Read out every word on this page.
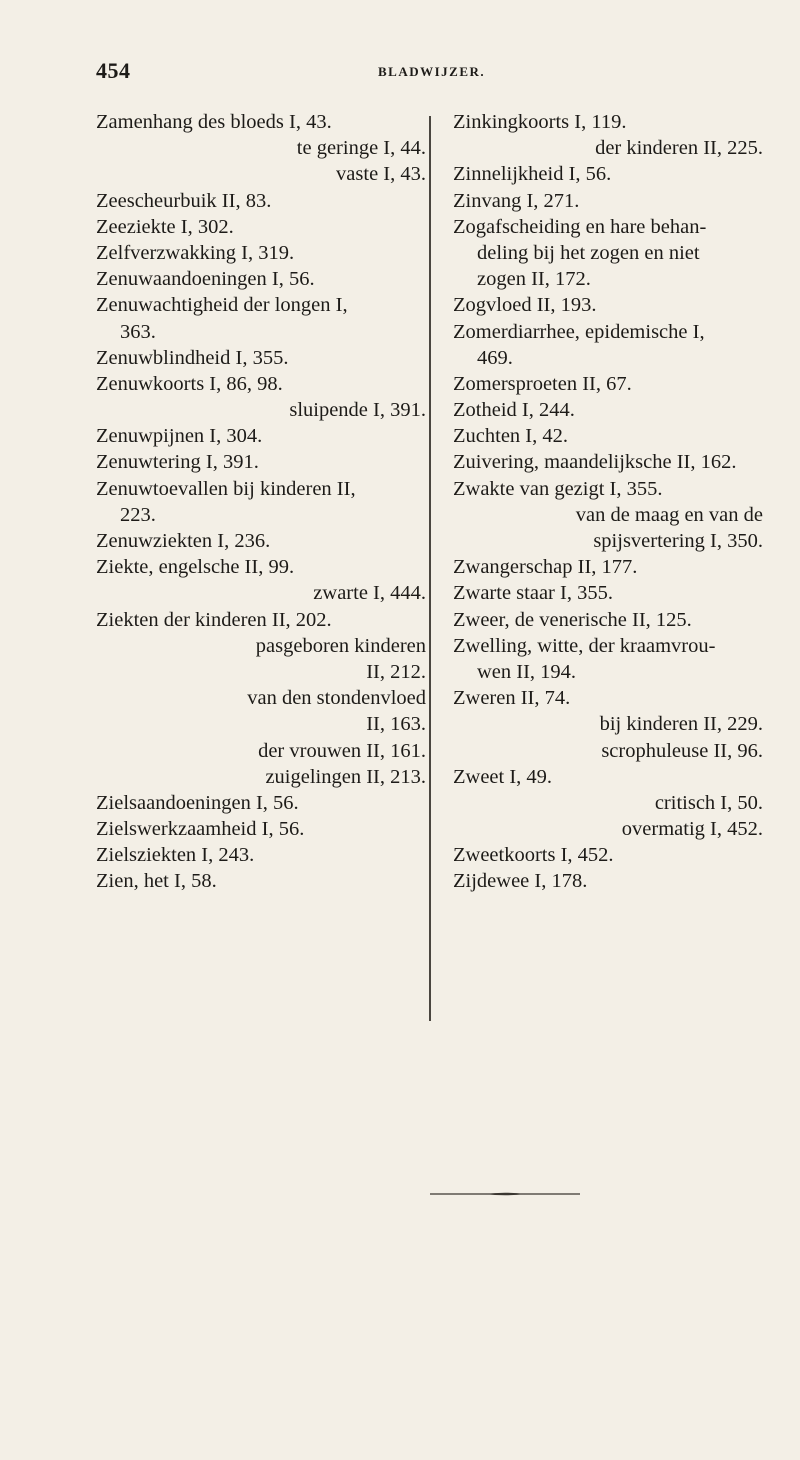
454	BLADWIJZER.
Zamenhang des bloeds I, 43.
te geringe I, 44.
vaste I, 43.
Zeescheurbuik II, 83.
Zeeziekte I, 302.
Zelfverzwakking I, 319.
Zenuwaandoeningen I, 56.
Zenuwachtigheid der longen I,
363.
Zenuwblindheid I, 355.
Zenuwkoorts I, 86, 98.
sluipende I, 391.
Zenuwpijnen I, 304.
Zenuwtering I, 391.
Zenuwtoevallen bij kinderen II,
223.
Zenuwziekten I, 236.
Ziekte, engelsche II, 99.
zwarte I, 444.
Ziekten der kinderen II, 202.
pasgeboren kinderen
II, 212.
van den stondenvloed
II, 163.
der vrouwen II, 161.
zuigelingen II, 213.
Zielsaandoeningen I, 56.
Zielswerkzaamheid I, 56.
Zielsziekten I, 243.
Zien, het I, 58.
Zinkingkoorts I, 119.
der kinderen II, 225.
Zinnelijkheid I, 56.
Zinvang I, 271.
Zogafscheiding en hare behan-
deling bij het zogen en niet
zogen II, 172.
Zogvloed II, 193.
Zomerdiarrhee, epidemische I,
469.
Zomersproeten II, 67.
Zotheid I, 244.
Zuchten I, 42.
Zuivering, maandelijksche II, 162.
Zwakte van gezigt I, 355.
van de maag en van de
spijsvertering I, 350.
Zwangerschap II, 177.
Zwarte staar I, 355.
Zweer, de venerische II, 125.
Zwelling, witte, der kraamvrou-
wen II, 194.
Zweren II, 74.
bij kinderen II, 229.
scrophuleuse II, 96.
Zweet I, 49.
critisch I, 50.
overmatig I, 452.
Zweetkoorts I, 452.
Zijdewee I, 178.
